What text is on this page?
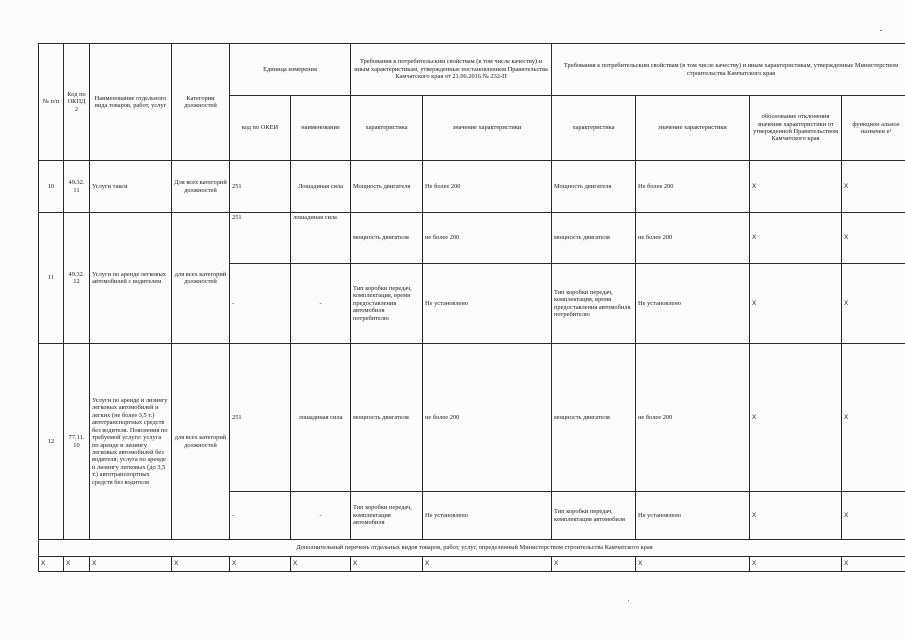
№ п/п	Код по ОКПД2	Наименование отдельного вида товаров, работ, услуг	Категории должностей	Единица измерения		Требования к потребительским свойствам (в том числе качеству) и иным характеристикам, утвержденные постановлением Правительства Камчатского края от 21.06.2016 № 232-П		Требования к потребительским свойствам (в том числе качеству) и иным характеристикам, утвержденные Министерством строительства Камчатского края			
				код по ОКЕИ	наименование	характеристика	значение характеристики	характеристика	значение характеристики	обоснование отклонения значения характеристики от утвержденной Правительством Камчатского края	функцион альное назначен е¹
10	49.32. 11	Услуги такси	Для всех категорий должностей	251	Лошадиная сила	Мощность двигателя	Не более 200	Мощность двигателя	Не более 200	X	X
11	49.32. 12	Услуги по аренде легковых автомобилей с водителем	для всех категорий должностей	251	лошадиная сила	мощность двигателя	не более 200	мощность двигателя	не более 200	X	X
				-	-	Тип коробки передач, комплектация, время предоставления автомобиля потребителю	Не установлено	Тип коробки передач, комплектация, время предоставления автомобиля потребителю	Не установлено	X	X
12	77.11. 10	Услуги по аренде и лизингу легковых автомобилей и легких (не более 3,5 т.) автотранспортных средств без водителя. Пояснения по требуемой услуге: услуга по аренде и лизингу легковых автомобилей без водителя; услуга по аренде и лизингу легковых (до 3,5 т.) автотранспортных средств без водителя	для всех категорий должностей	251	лошадиная сила	мощность двигателя	не более 200	мощность двигателя	не более 200	X	X
				-	-	Тип коробки передач, комплектация автомобиля	Не установлено	Тип коробки передач, комплектация автомобиля	Не установлено	X	X
Дополнительный перечень отдельных видов товаров, работ, услуг, определенный Министерством строительства Камчатского края											
X	X	X	X	X	X	X	X	X	X	X	X
